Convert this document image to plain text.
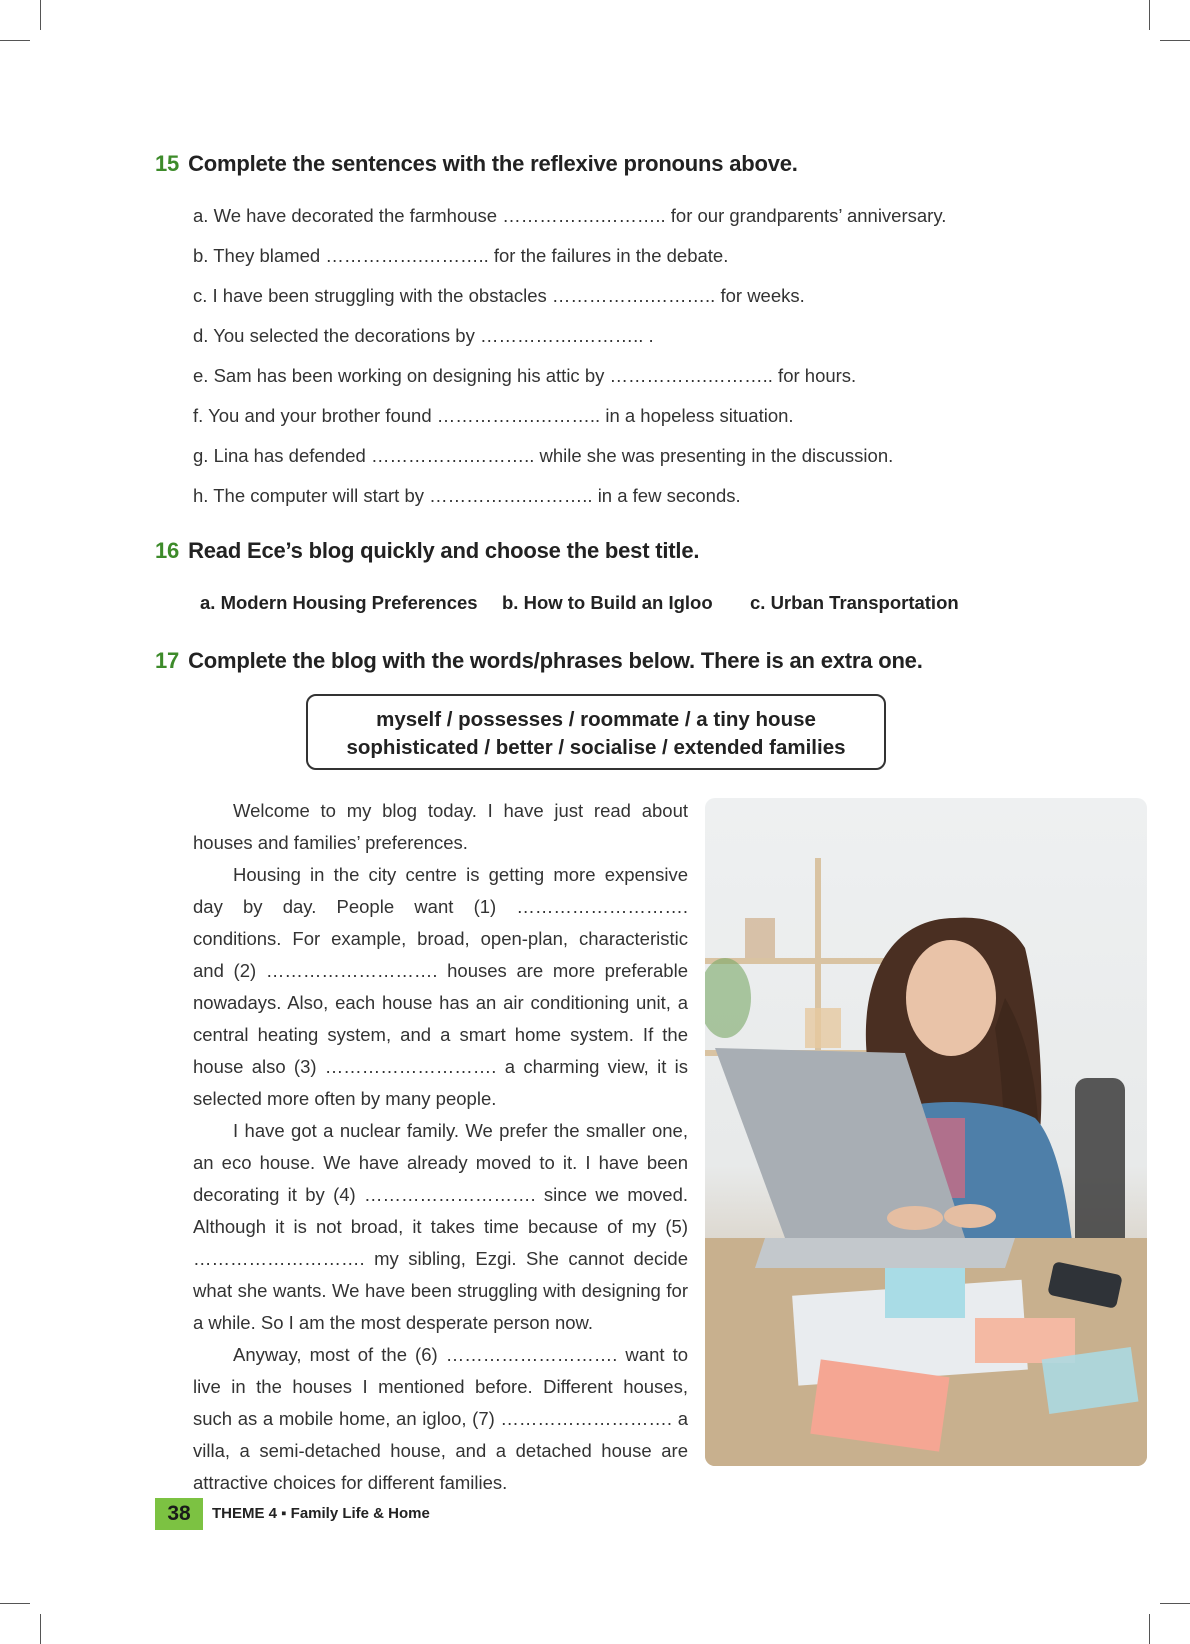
15 Complete the sentences with the reflexive pronouns above.
a. We have decorated the farmhouse …………….……….. for our grandparents’ anniversary.
b. They blamed …………….……….. for the failures in the debate.
c. I have been struggling with the obstacles …………….……….. for weeks.
d. You selected the decorations by …………….……….. .
e. Sam has been working on designing his attic by …………….……….. for hours.
f. You and your brother found …………….……….. in a hopeless situation.
g. Lina has defended …………….……….. while she was presenting in the discussion.
h. The computer will start by …………….……….. in a few seconds.
16 Read Ece’s blog quickly and choose the best title.
a. Modern Housing Preferences b. How to Build an Igloo c. Urban Transportation
17 Complete the blog with the words/phrases below. There is an extra one.
myself / possesses / roommate / a tiny house
sophisticated / better / socialise / extended families

Welcome to my blog today. I have just read about houses and families’ preferences.

Housing in the city centre is getting more expensive day by day. People want (1) ………………………. conditions. For example, broad, open-plan, characteristic and (2) ………………………. houses are more preferable nowadays. Also, each house has an air conditioning unit, a central heating system, and a smart home system. If the house also (3) ………………………. a charming view, it is selected more often by many people.

I have got a nuclear family. We prefer the smaller one, an eco house. We have already moved to it. I have been decorating it by (4) ………………………. since we moved. Although it is not broad, it takes time because of my (5) ………………………. my sibling, Ezgi. She cannot decide what she wants. We have been struggling with designing for a while. So I am the most desperate person now.

Anyway, most of the (6) ………………………. want to live in the houses I mentioned before. Different houses, such as a mobile home, an igloo, (7) ………………………. a villa, a semi-detached house, and a detached house are attractive choices for different families.

38	THEME 4 ▪ Family Life & Home
